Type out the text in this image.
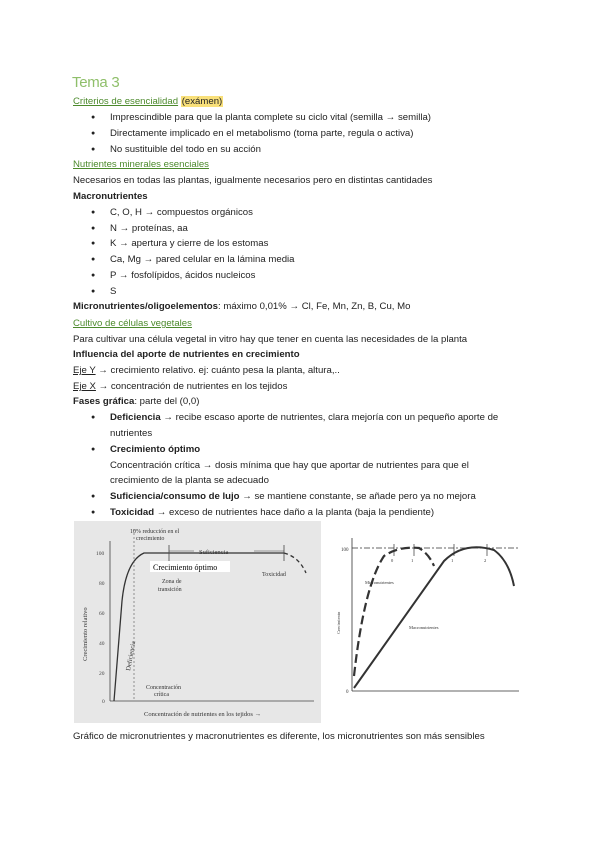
Tema 3
Criterios de esencialidad (exámen)
Imprescindible para que la planta complete su ciclo vital (semilla → semilla)
Directamente implicado en el metabolismo (toma parte, regula o activa)
No sustituible del todo en su acción
Nutrientes minerales esenciales
Necesarios en todas las plantas, igualmente necesarios pero en distintas cantidades
Macronutrientes
C, O, H → compuestos orgánicos
N → proteínas, aa
K → apertura y cierre de los estomas
Ca, Mg → pared celular en la lámina media
P → fosfolípidos, ácidos nucleicos
S
Micronutrientes/oligoelementos: máximo 0,01% → Cl, Fe, Mn, Zn, B, Cu, Mo
Cultivo de células vegetales
Para cultivar una célula vegetal in vitro hay que tener en cuenta las necesidades de la planta
Influencia del aporte de nutrientes en crecimiento
Eje Y → crecimiento relativo. ej: cuánto pesa la planta, altura,..
Eje X → concentración de nutrientes en los tejidos
Fases gráfica: parte del (0,0)
Deficiencia → recibe escaso aporte de nutrientes, clara mejoría con un pequeño aporte de
nutrientes
Crecimiento óptimo
Concentración crítica → dosis mínima que hay que aportar de nutrientes para que el
crecimiento de la planta se adecuado
Suficiencia/consumo de lujo → se mantiene constante, se añade pero ya no mejora
Toxicidad → exceso de nutrientes hace daño a la planta (baja la pendiente)
100
80
60
40
20
0
10% reducción en el
crecimiento
Suficiencia
Toxicidad
Crecimiento óptimo
Zona de
transición
Concentración
crítica
Deficiencia
Crecimiento relativo
Concentración de nutrientes en los tejidos →
100
0
0	1	1	2
Micronutrientes
Macronutrientes
Crecimiento
Gráfico de micronutrientes y macronutrientes es diferente, los micronutrientes son más sensibles
